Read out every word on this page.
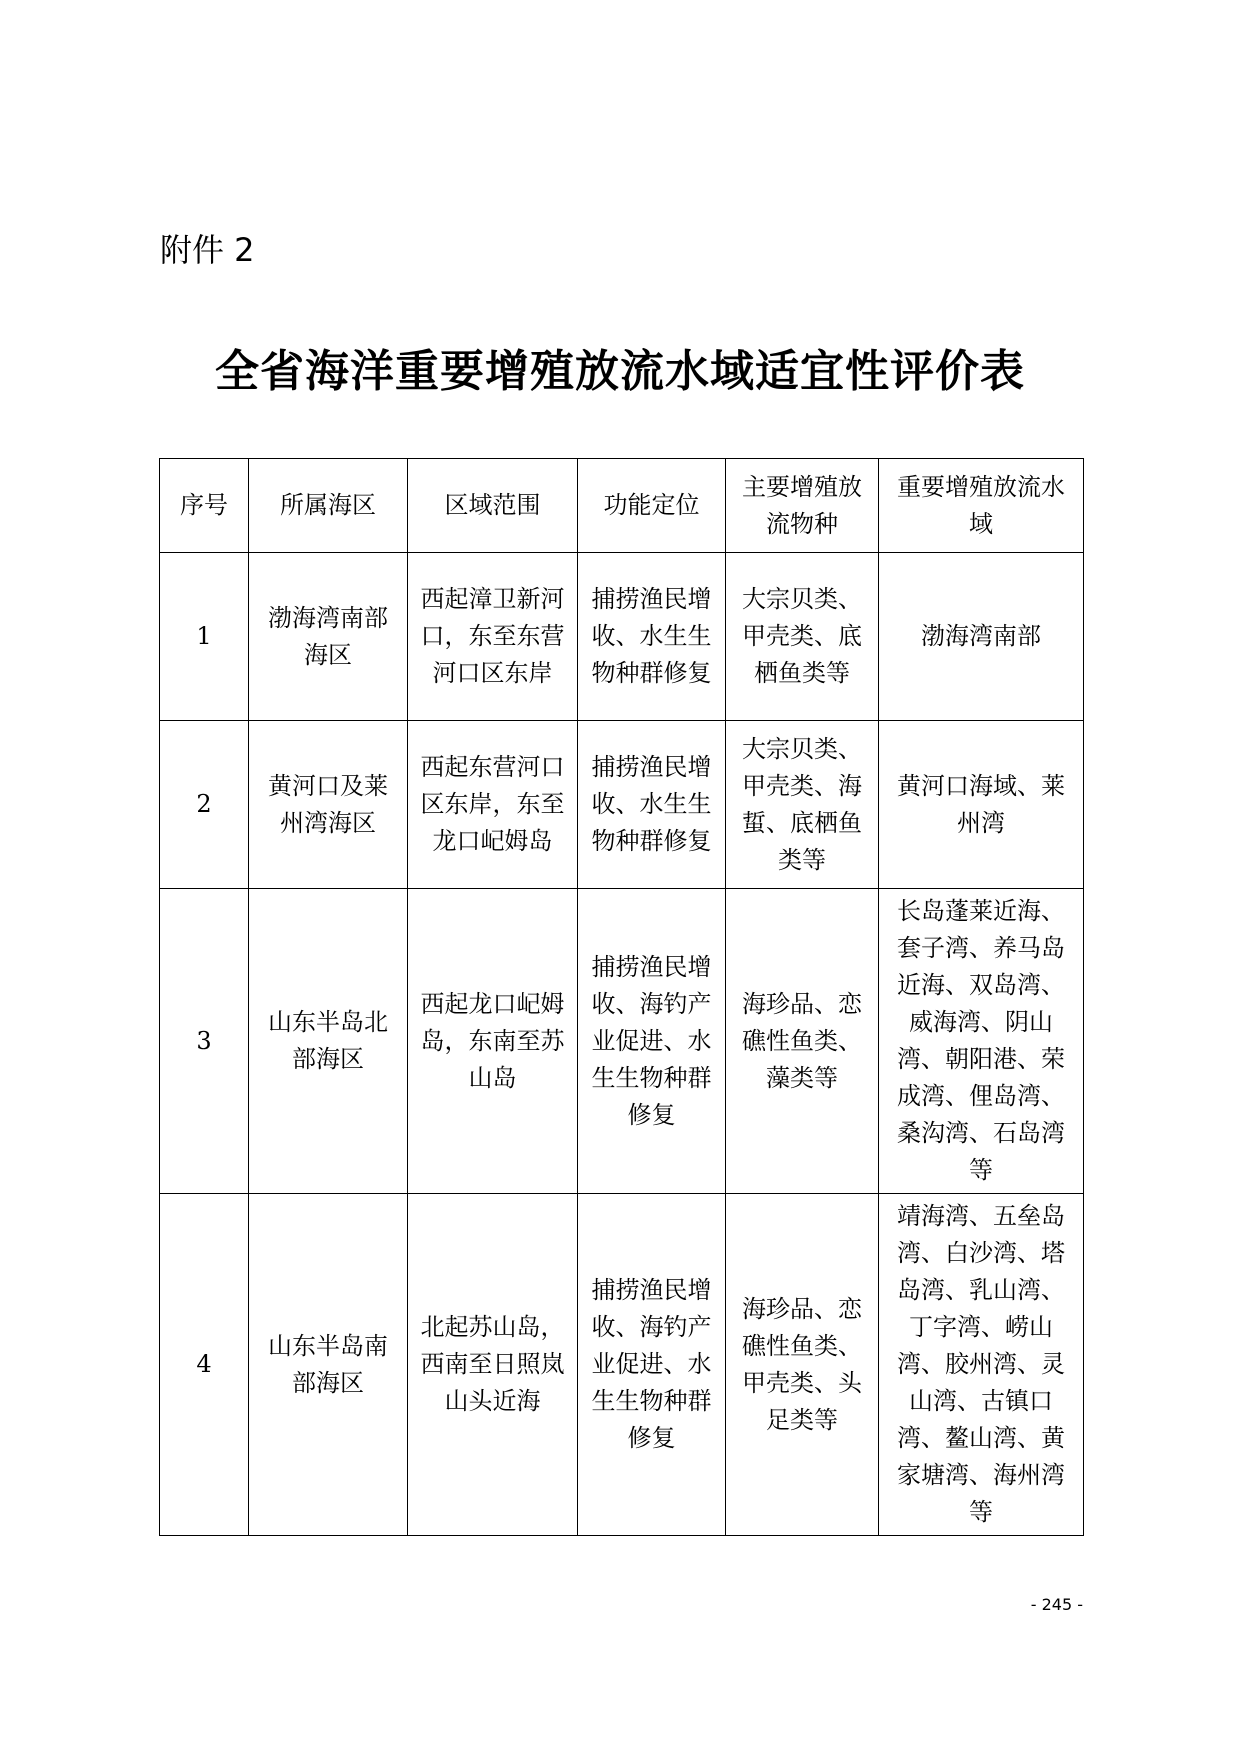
附件 2
全省海洋重要增殖放流水域适宜性评价表
序号	所属海区	区域范围	功能定位	主要增殖放流物种	重要增殖放流水域
1	渤海湾南部海区	西起漳卫新河口，东至东营河口区东岸	捕捞渔民增收、水生生物种群修复	大宗贝类、甲壳类、底栖鱼类等	渤海湾南部
2	黄河口及莱州湾海区	西起东营河口区东岸，东至龙口屺姆岛	捕捞渔民增收、水生生物种群修复	大宗贝类、甲壳类、海蜇、底栖鱼类等	黄河口海域、莱州湾
3	山东半岛北部海区	西起龙口屺姆岛，东南至苏山岛	捕捞渔民增收、海钓产业促进、水生生物种群修复	海珍品、恋礁性鱼类、藻类等	长岛蓬莱近海、套子湾、养马岛近海、双岛湾、威海湾、阴山湾、朝阳港、荣成湾、俚岛湾、桑沟湾、石岛湾等
4	山东半岛南部海区	北起苏山岛，西南至日照岚山头近海	捕捞渔民增收、海钓产业促进、水生生物种群修复	海珍品、恋礁性鱼类、甲壳类、头足类等	靖海湾、五垒岛湾、白沙湾、塔岛湾、乳山湾、丁字湾、崂山湾、胶州湾、灵山湾、古镇口湾、鳌山湾、黄家塘湾、海州湾等
- 245 -
